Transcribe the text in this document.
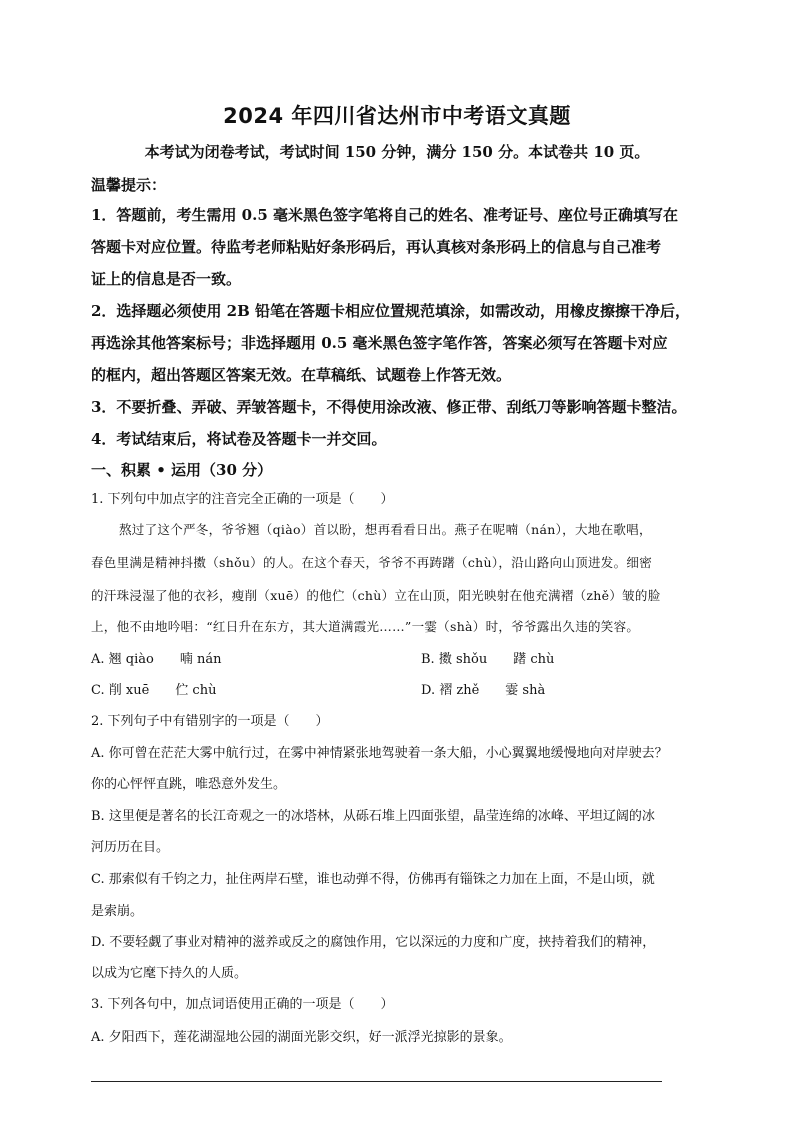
2024 年四川省达州市中考语文真题
本考试为闭卷考试，考试时间 150 分钟，满分 150 分。本试卷共 10 页。
温馨提示：
1．答题前，考生需用 0.5 毫米黑色签字笔将自己的姓名、准考证号、座位号正确填写在
答题卡对应位置。待监考老师粘贴好条形码后，再认真核对条形码上的信息与自己准考
证上的信息是否一致。
2．选择题必须使用 2B 铅笔在答题卡相应位置规范填涂，如需改动，用橡皮擦擦干净后，
再选涂其他答案标号；非选择题用 0.5 毫米黑色签字笔作答，答案必须写在答题卡对应
的框内，超出答题区答案无效。在草稿纸、试题卷上作答无效。
3．不要折叠、弄破、弄皱答题卡，不得使用涂改液、修正带、刮纸刀等影响答题卡整洁。
4．考试结束后，将试卷及答题卡一并交回。
一、积累 • 运用（30 分）
1. 下列句中加点字的注音完全正确的一项是（　　）
熬过了这个严冬，爷爷翘（qiào）首以盼，想再看看日出。燕子在呢喃（nán），大地在歌唱，
春色里满是精神抖擞（shǒu）的人。在这个春天，爷爷不再踌躇（chù），沿山路向山顶进发。细密
的汗珠浸湿了他的衣衫，瘦削（xuē）的他伫（chù）立在山顶，阳光映射在他充满褶（zhě）皱的脸
上，他不由地吟唱：“红日升在东方，其大道满霞光……”一霎（shà）时，爷爷露出久违的笑容。
A. 翘 qiào　　喃 nán	B. 擞 shǒu　　躇 chù
C. 削 xuē　　伫 chù	D. 褶 zhě　　霎 shà
2. 下列句子中有错别字的一项是（　　）
A. 你可曾在茫茫大雾中航行过，在雾中神情紧张地驾驶着一条大船，小心翼翼地缓慢地向对岸驶去？
你的心怦怦直跳，唯恐意外发生。
B. 这里便是著名的长江奇观之一的冰塔林，从砾石堆上四面张望，晶莹连绵的冰峰、平坦辽阔的冰
河历历在目。
C. 那索似有千钧之力，扯住两岸石壁，谁也动弹不得，仿佛再有锱铢之力加在上面，不是山顷，就
是索崩。
D. 不要轻觑了事业对精神的滋养或反之的腐蚀作用，它以深远的力度和广度，挟持着我们的精神，
以成为它麾下持久的人质。
3. 下列各句中，加点词语使用正确的一项是（　　）
A. 夕阳西下，莲花湖湿地公园的湖面光影交织，好一派浮光掠影的景象。
